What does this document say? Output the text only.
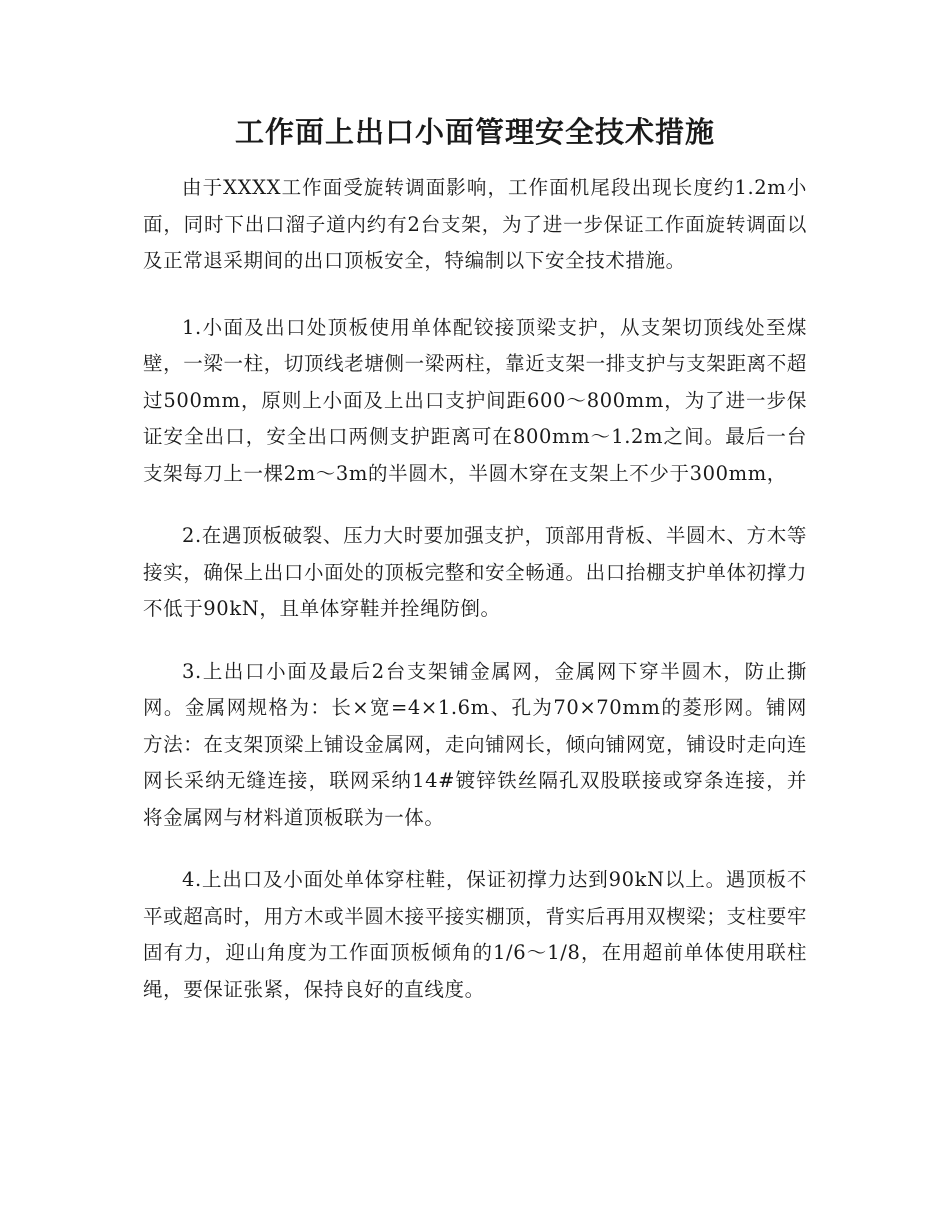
工作面上出口小面管理安全技术措施

由于XXXX工作面受旋转调面影响，工作面机尾段出现长度约1.2m小面，同时下出口溜子道内约有2台支架，为了进一步保证工作面旋转调面以及正常退采期间的出口顶板安全，特编制以下安全技术措施。

1.小面及出口处顶板使用单体配铰接顶梁支护，从支架切顶线处至煤壁，一梁一柱，切顶线老塘侧一梁两柱，靠近支架一排支护与支架距离不超过500mm，原则上小面及上出口支护间距600～800mm，为了进一步保证安全出口，安全出口两侧支护距离可在800mm～1.2m之间。最后一台支架每刀上一棵2m～3m的半圆木，半圆木穿在支架上不少于300mm，

2.在遇顶板破裂、压力大时要加强支护，顶部用背板、半圆木、方木等接实，确保上出口小面处的顶板完整和安全畅通。出口抬棚支护单体初撑力不低于90kN，且单体穿鞋并拴绳防倒。

3.上出口小面及最后2台支架铺金属网，金属网下穿半圆木，防止撕网。金属网规格为：长×宽=4×1.6m、孔为70×70mm的菱形网。铺网方法：在支架顶梁上铺设金属网，走向铺网长，倾向铺网宽，铺设时走向连网长采纳无缝连接，联网采纳14#镀锌铁丝隔孔双股联接或穿条连接，并将金属网与材料道顶板联为一体。

4.上出口及小面处单体穿柱鞋，保证初撑力达到90kN以上。遇顶板不平或超高时，用方木或半圆木接平接实棚顶，背实后再用双楔梁；支柱要牢固有力，迎山角度为工作面顶板倾角的1/6～1/8，在用超前单体使用联柱绳，要保证张紧，保持良好的直线度。
